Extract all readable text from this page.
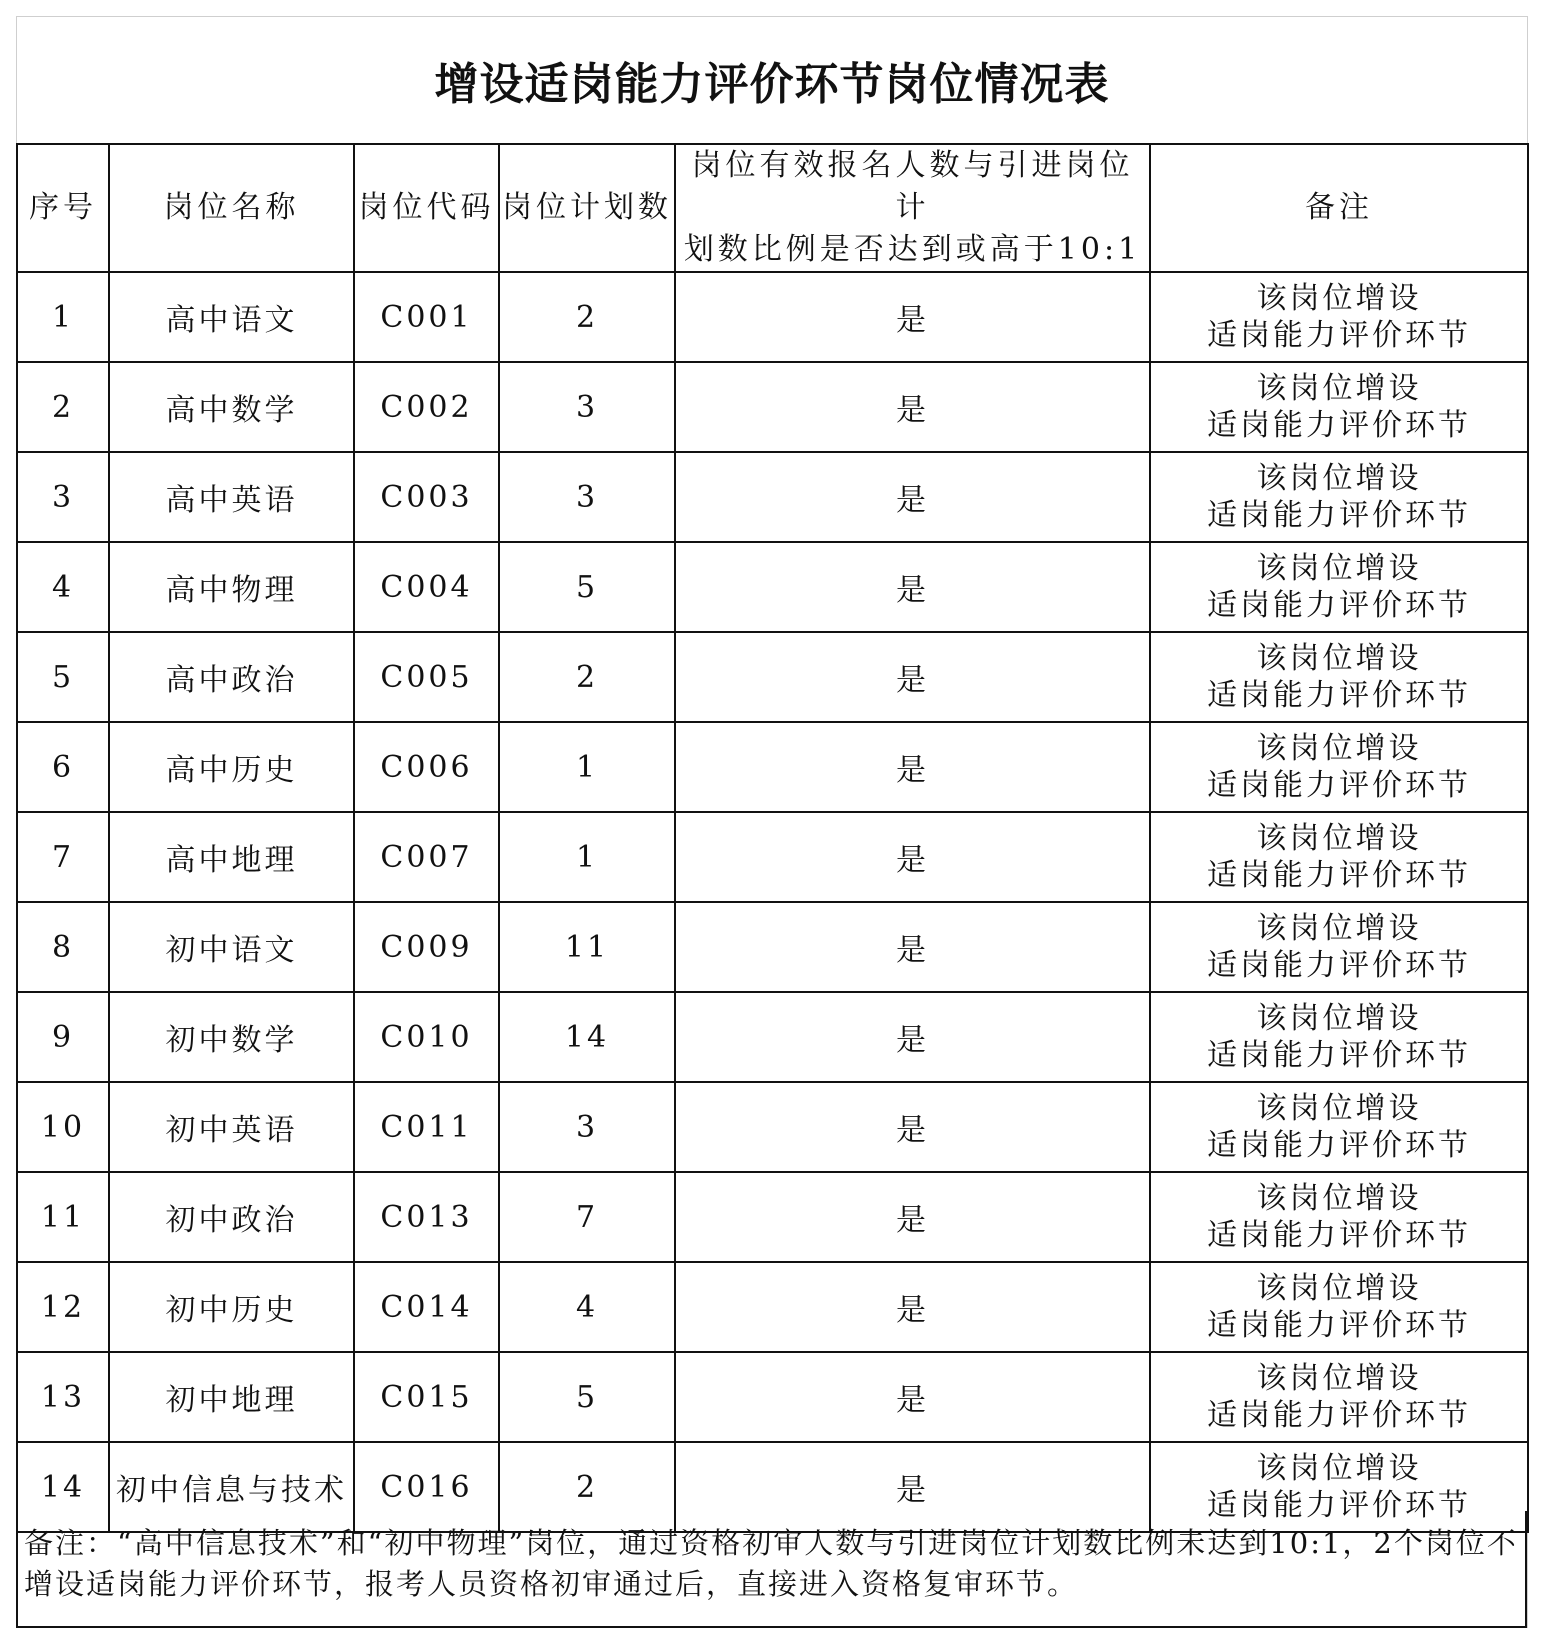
增设适岗能力评价环节岗位情况表
序号	岗位名称	岗位代码	岗位计划数	岗位有效报名人数与引进岗位计
划数比例是否达到或高于10:1	备注
1	高中语文	C001	2	是	该岗位增设
适岗能力评价环节

2	高中数学	C002	3	是	该岗位增设
适岗能力评价环节

3	高中英语	C003	3	是	该岗位增设
适岗能力评价环节

4	高中物理	C004	5	是	该岗位增设
适岗能力评价环节

5	高中政治	C005	2	是	该岗位增设
适岗能力评价环节

6	高中历史	C006	1	是	该岗位增设
适岗能力评价环节

7	高中地理	C007	1	是	该岗位增设
适岗能力评价环节

8	初中语文	C009	11	是	该岗位增设
适岗能力评价环节

9	初中数学	C010	14	是	该岗位增设
适岗能力评价环节

10	初中英语	C011	3	是	该岗位增设
适岗能力评价环节

11	初中政治	C013	7	是	该岗位增设
适岗能力评价环节

12	初中历史	C014	4	是	该岗位增设
适岗能力评价环节

13	初中地理	C015	5	是	该岗位增设
适岗能力评价环节

14	初中信息与技术	C016	2	是	该岗位增设
适岗能力评价环节
备注：“高中信息技术”和“初中物理”岗位，通过资格初审人数与引进岗位计划数比例未达到10:1，2个岗位不增设适岗能力评价环节，报考人员资格初审通过后，直接进入资格复审环节。
